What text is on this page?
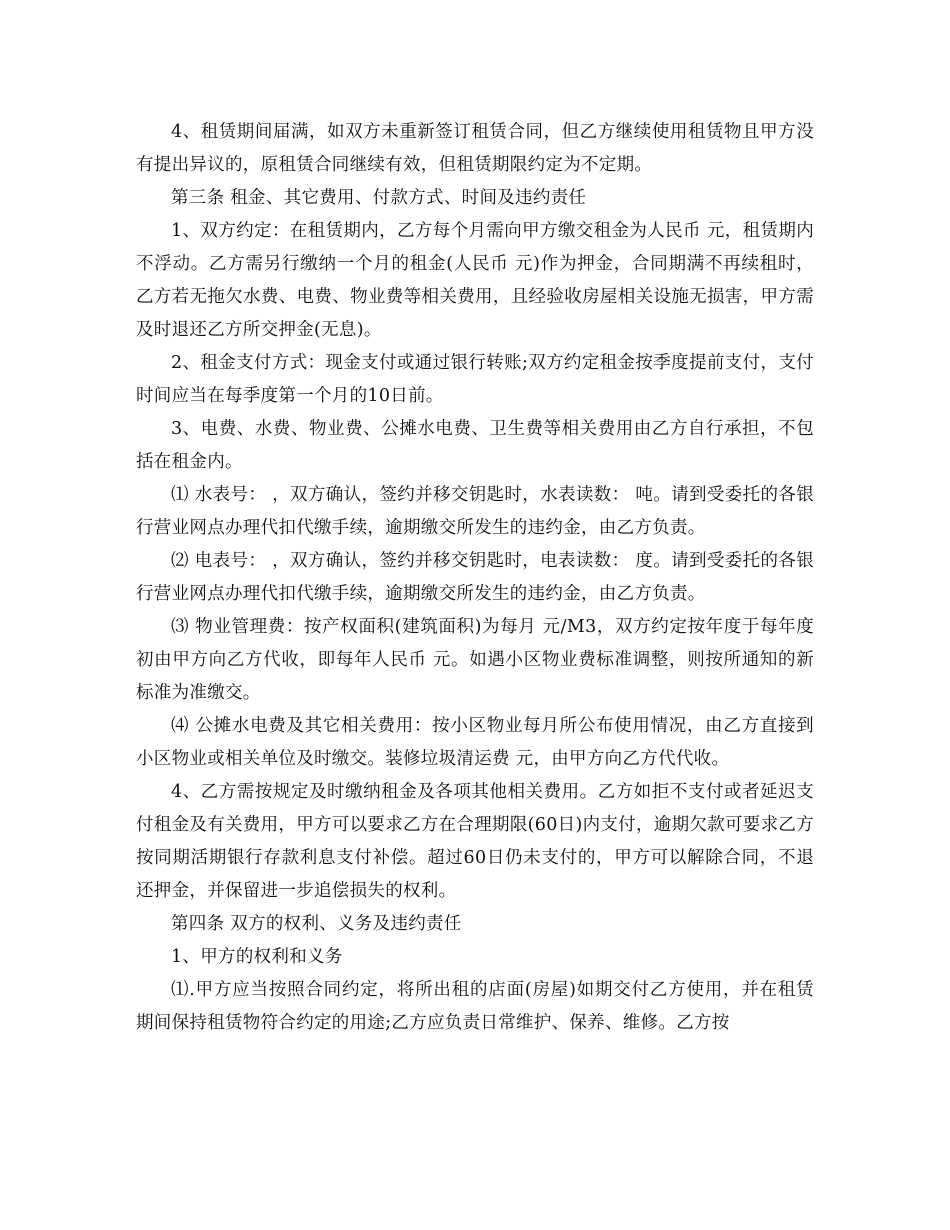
4、租赁期间届满，如双方未重新签订租赁合同，但乙方继续使用租赁物且甲方没有提出异议的，原租赁合同继续有效，但租赁期限约定为不定期。

第三条 租金、其它费用、付款方式、时间及违约责任

1、双方约定：在租赁期内，乙方每个月需向甲方缴交租金为人民币 元，租赁期内不浮动。乙方需另行缴纳一个月的租金(人民币 元)作为押金，合同期满不再续租时，乙方若无拖欠水费、电费、物业费等相关费用，且经验收房屋相关设施无损害，甲方需及时退还乙方所交押金(无息)。

2、租金支付方式：现金支付或通过银行转账;双方约定租金按季度提前支付，支付时间应当在每季度第一个月的10日前。

3、电费、水费、物业费、公摊水电费、卫生费等相关费用由乙方自行承担，不包括在租金内。

⑴ 水表号： ，双方确认，签约并移交钥匙时，水表读数： 吨。请到受委托的各银行营业网点办理代扣代缴手续，逾期缴交所发生的违约金，由乙方负责。

⑵ 电表号： ，双方确认，签约并移交钥匙时，电表读数： 度。请到受委托的各银行营业网点办理代扣代缴手续，逾期缴交所发生的违约金，由乙方负责。

⑶ 物业管理费：按产权面积(建筑面积)为每月 元/M3，双方约定按年度于每年度初由甲方向乙方代收，即每年人民币 元。如遇小区物业费标准调整，则按所通知的新标准为准缴交。

⑷ 公摊水电费及其它相关费用：按小区物业每月所公布使用情况，由乙方直接到小区物业或相关单位及时缴交。装修垃圾清运费 元，由甲方向乙方代代收。

4、乙方需按规定及时缴纳租金及各项其他相关费用。乙方如拒不支付或者延迟支付租金及有关费用，甲方可以要求乙方在合理期限(60日)内支付，逾期欠款可要求乙方按同期活期银行存款利息支付补偿。超过60日仍未支付的，甲方可以解除合同，不退还押金，并保留进一步追偿损失的权利。

第四条 双方的权利、义务及违约责任

1、甲方的权利和义务

⑴.甲方应当按照合同约定，将所出租的店面(房屋)如期交付乙方使用，并在租赁期间保持租赁物符合约定的用途;乙方应负责日常维护、保养、维修。乙方按
